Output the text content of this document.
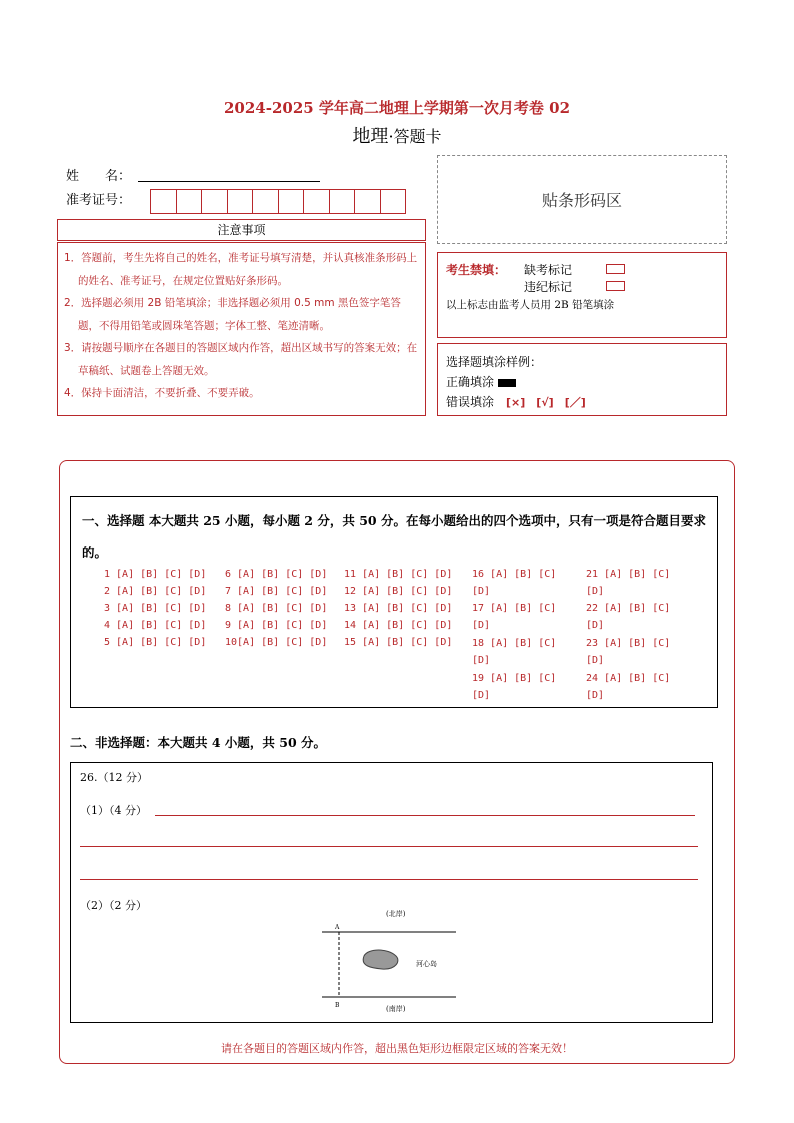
2024-2025 学年高二地理上学期第一次月考卷 02
地理·答题卡
姓　　名：
准考证号：	贴条形码区
注意事项

1．答题前，考生先将自己的姓名，准考证号填写清楚，并认真核准条形码上的姓名、准考证号，在规定位置贴好条形码。

2．选择题必须用 2B 铅笔填涂；非选择题必须用 0.5 mm 黑色签字笔答题，不得用铅笔或圆珠笔答题；字体工整、笔迹清晰。

3．请按题号顺序在各题目的答题区域内作答，超出区域书写的答案无效；在草稿纸、试题卷上答题无效。

4．保持卡面清洁，不要折叠、不要弄破。

考生禁填： 缺考标记
违纪标记
以上标志由监考人员用 2B 铅笔填涂
选择题填涂样例：
正确填涂
错误填涂　 [×]　[√]　[／]
一、选择题 本大题共 25 小题，每小题 2 分，共 50 分。在每小题给出的四个选项中，只有一项是符合题目要求的。
1 [A] [B] [C] [D]
2 [A] [B] [C] [D]
3 [A] [B] [C] [D]
4 [A] [B] [C] [D]
5 [A] [B] [C] [D]
6 [A] [B] [C] [D]
7 [A] [B] [C] [D]
8 [A] [B] [C] [D]
9 [A] [B] [C] [D]
10[A] [B] [C] [D]
11 [A] [B] [C] [D]
12 [A] [B] [C] [D]
13 [A] [B] [C] [D]
14 [A] [B] [C] [D]
15 [A] [B] [C] [D]
16 [A] [B] [C]
[D]
17 [A] [B] [C]
[D]
18 [A] [B] [C]
[D]
19 [A] [B] [C]
[D]
21 [A] [B] [C]
[D]
22 [A] [B] [C]
[D]
23 [A] [B] [C]
[D]
24 [A] [B] [C]
[D]
二、非选择题：本大题共 4 小题，共 50 分。
26.（12 分）
（1）（4 分）
（2）（2 分）
(北岸)
(南岸)
河心岛
A
B
请在各题目的答题区域内作答，超出黑色矩形边框限定区域的答案无效！
